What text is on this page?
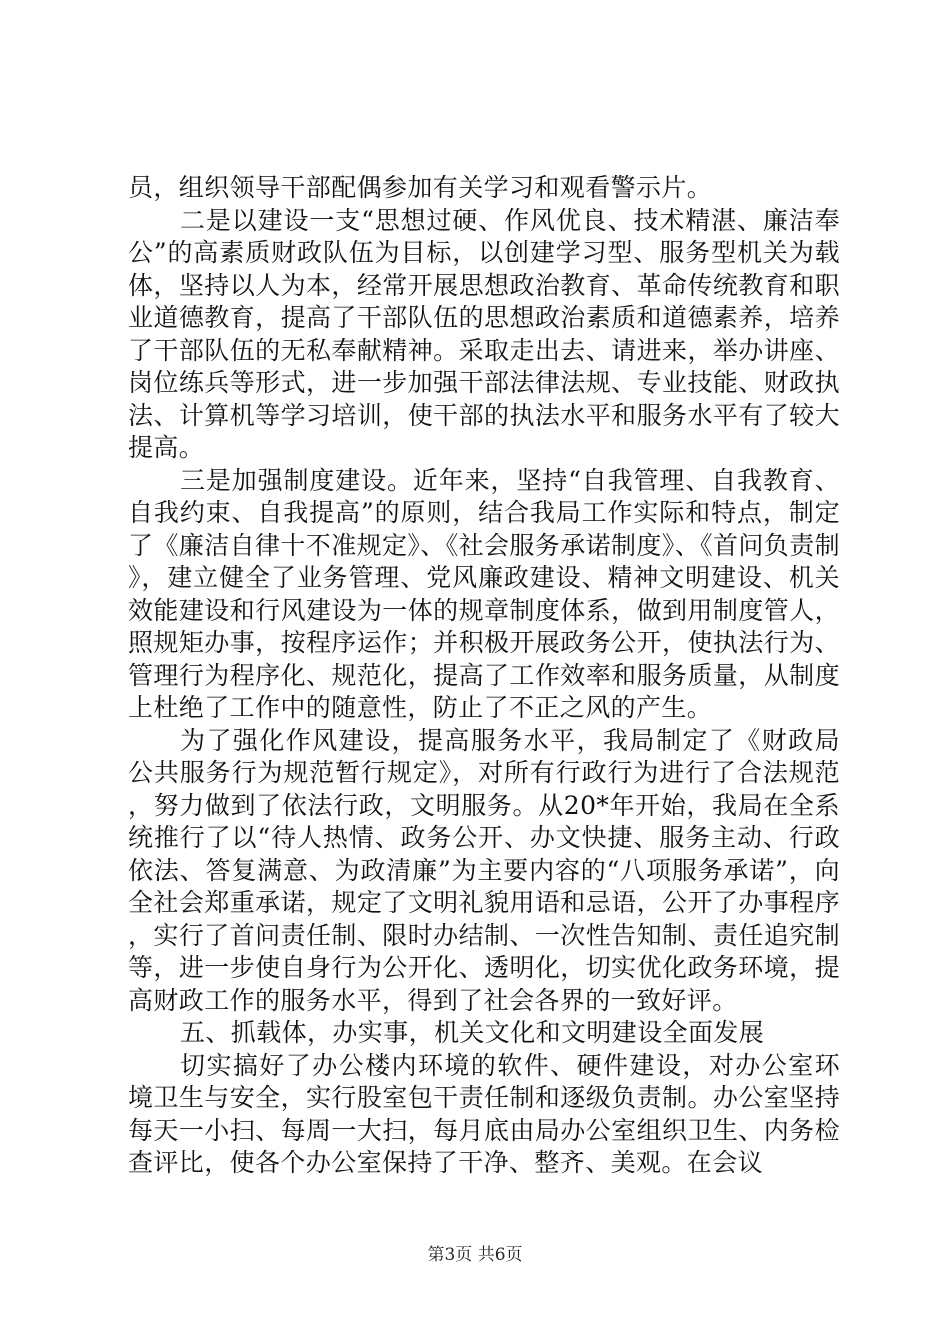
员，组织领导干部配偶参加有关学习和观看警示片。

二是以建设一支“思想过硬、作风优良、技术精湛、廉洁奉公”的高素质财政队伍为目标，以创建学习型、服务型机关为载体，坚持以人为本，经常开展思想政治教育、革命传统教育和职业道德教育，提高了干部队伍的思想政治素质和道德素养，培养了干部队伍的无私奉献精神。采取走出去、请进来，举办讲座、岗位练兵等形式，进一步加强干部法律法规、专业技能、财政执法、计算机等学习培训，使干部的执法水平和服务水平有了较大提高。

三是加强制度建设。近年来，坚持“自我管理、自我教育、自我约束、自我提高”的原则，结合我局工作实际和特点，制定了《廉洁自律十不准规定》、《社会服务承诺制度》、《首问负责制》，建立健全了业务管理、党风廉政建设、精神文明建设、机关效能建设和行风建设为一体的规章制度体系，做到用制度管人，照规矩办事，按程序运作；并积极开展政务公开，使执法行为、管理行为程序化、规范化，提高了工作效率和服务质量，从制度上杜绝了工作中的随意性，防止了不正之风的产生。

为了强化作风建设，提高服务水平，我局制定了《财政局公共服务行为规范暂行规定》，对所有行政行为进行了合法规范，努力做到了依法行政，文明服务。从20*年开始，我局在全系统推行了以“待人热情、政务公开、办文快捷、服务主动、行政依法、答复满意、为政清廉”为主要内容的“八项服务承诺”，向全社会郑重承诺，规定了文明礼貌用语和忌语，公开了办事程序，实行了首问责任制、限时办结制、一次性告知制、责任追究制等，进一步使自身行为公开化、透明化，切实优化政务环境，提高财政工作的服务水平，得到了社会各界的一致好评。

五、抓载体，办实事，机关文化和文明建设全面发展

切实搞好了办公楼内环境的软件、硬件建设，对办公室环境卫生与安全，实行股室包干责任制和逐级负责制。办公室坚持每天一小扫、每周一大扫，每月底由局办公室组织卫生、内务检查评比，使各个办公室保持了干净、整齐、美观。在会议

第3页 共6页
